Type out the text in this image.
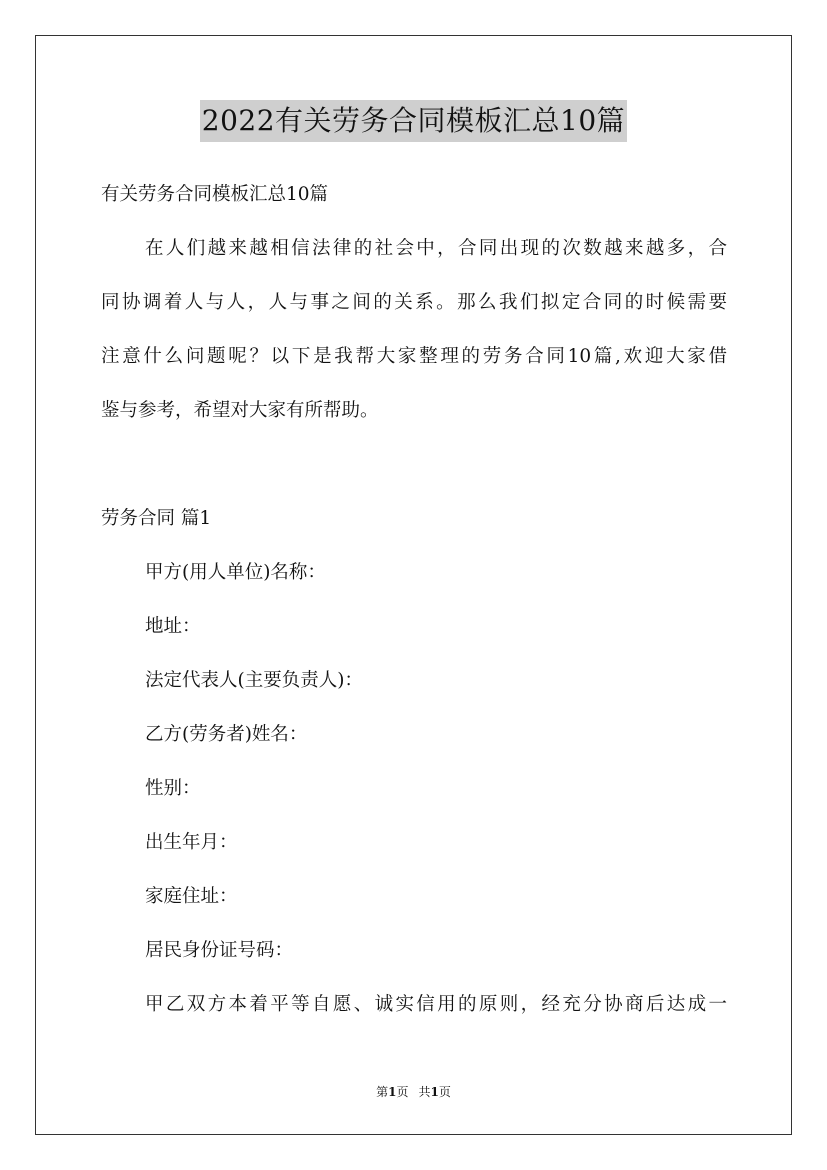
2022有关劳务合同模板汇总10篇
有关劳务合同模板汇总10篇
在人们越来越相信法律的社会中，合同出现的次数越来越多，合
同协调着人与人，人与事之间的关系。那么我们拟定合同的时候需要
注意什么问题呢？以下是我帮大家整理的劳务合同10篇,欢迎大家借
鉴与参考，希望对大家有所帮助。
劳务合同 篇1
甲方(用人单位)名称：
地址：
法定代表人(主要负责人)：
乙方(劳务者)姓名：
性别：
出生年月：
家庭住址：
居民身份证号码：
甲乙双方本着平等自愿、诚实信用的原则，经充分协商后达成一
第1页 共1页
